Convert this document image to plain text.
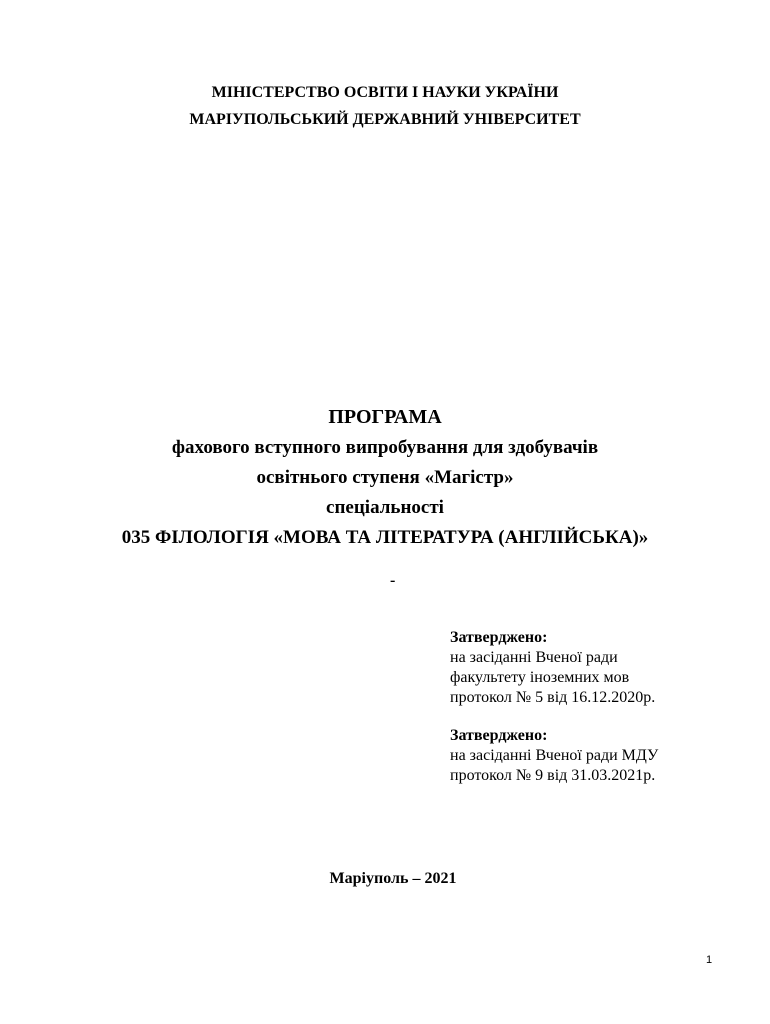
МІНІСТЕРСТВО ОСВІТИ І НАУКИ УКРАЇНИ
МАРІУПОЛЬСЬКИЙ ДЕРЖАВНИЙ УНІВЕРСИТЕТ
ПРОГРАМА
фахового вступного випробування для здобувачів
освітнього ступеня «Магістр»
спеціальності
035 ФІЛОЛОГІЯ «МОВА ТА ЛІТЕРАТУРА (АНГЛІЙСЬКА)»
-
Затверджено:
на засіданні Вченої ради
факультету іноземних мов
протокол № 5 від 16.12.2020р.
Затверджено:
на засіданні Вченої ради МДУ
протокол № 9 від 31.03.2021р.
Маріуполь – 2021
1
